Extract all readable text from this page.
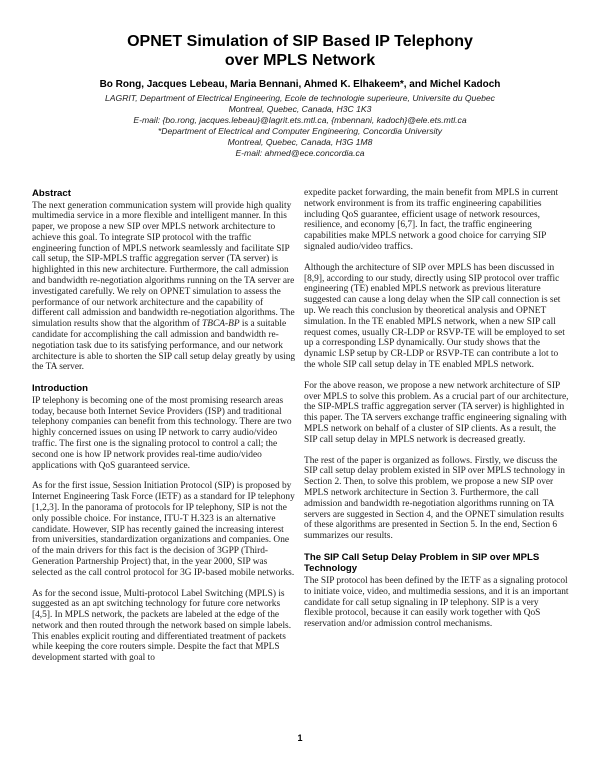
OPNET Simulation of SIP Based IP Telephony
over MPLS Network
Bo Rong, Jacques Lebeau, Maria Bennani, Ahmed K. Elhakeem*, and Michel Kadoch
LAGRIT, Department of Electrical Engineering, Ecole de technologie superieure, Universite du Quebec
Montreal, Quebec, Canada, H3C 1K3
E-mail: {bo.rong, jacques.lebeau}@lagrit.ets.mtl.ca, {mbennani, kadoch}@ele.ets.mtl.ca
*Department of Electrical and Computer Engineering, Concordia University
Montreal, Quebec, Canada, H3G 1M8
E-mail: ahmed@ece.concordia.ca
Abstract

The next generation communication system will provide high quality multimedia service in a more flexible and intelligent manner. In this paper, we propose a new SIP over MPLS network architecture to achieve this goal. To integrate SIP protocol with the traffic engineering function of MPLS network seamlessly and facilitate SIP call setup, the SIP-MPLS traffic aggregation server (TA server) is highlighted in this new architecture. Furthermore, the call admission and bandwidth re-negotiation algorithms running on the TA server are investigated carefully. We rely on OPNET simulation to assess the performance of our network architecture and the capability of different call admission and bandwidth re-negotiation algorithms. The simulation results show that the algorithm of TBCA-BP is a suitable candidate for accomplishing the call admission and bandwidth re-negotiation task due to its satisfying performance, and our network architecture is able to shorten the SIP call setup delay greatly by using the TA server.

Introduction

IP telephony is becoming one of the most promising research areas today, because both Internet Sevice Providers (ISP) and traditional telephony companies can benefit from this technology. There are two highly concerned issues on using IP network to carry audio/video traffic. The first one is the signaling protocol to control a call; the second one is how IP network provides real-time audio/video applications with QoS guaranteed service.

As for the first issue, Session Initiation Protocol (SIP) is proposed by Internet Engineering Task Force (IETF) as a standard for IP telephony [1,2,3]. In the panorama of protocols for IP telephony, SIP is not the only possible choice. For instance, ITU-T H.323 is an alternative candidate. However, SIP has recently gained the increasing interest from universities, standardization organizations and companies. One of the main drivers for this fact is the decision of 3GPP (Third-Generation Partnership Project) that, in the year 2000, SIP was selected as the call control protocol for 3G IP-based mobile networks.

As for the second issue, Multi-protocol Label Switching (MPLS) is suggested as an apt switching technology for future core networks [4,5]. In MPLS network, the packets are labeled at the edge of the network and then routed through the network based on simple labels. This enables explicit routing and differentiated treatment of packets while keeping the core routers simple. Despite the fact that MPLS development started with goal to

expedite packet forwarding, the main benefit from MPLS in current network environment is from its traffic engineering capabilities including QoS guarantee, efficient usage of network resources, resilience, and economy [6,7]. In fact, the traffic engineering capabilities make MPLS network a good choice for carrying SIP signaled audio/video traffics.

Although the architecture of SIP over MPLS has been discussed in [8,9], according to our study, directly using SIP protocol over traffic engineering (TE) enabled MPLS network as previous literature suggested can cause a long delay when the SIP call connection is set up. We reach this conclusion by theoretical analysis and OPNET simulation. In the TE enabled MPLS network, when a new SIP call request comes, usually CR-LDP or RSVP-TE will be employed to set up a corresponding LSP dynamically. Our study shows that the dynamic LSP setup by CR-LDP or RSVP-TE can contribute a lot to the whole SIP call setup delay in TE enabled MPLS network.

For the above reason, we propose a new network architecture of SIP over MPLS to solve this problem. As a crucial part of our architecture, the SIP-MPLS traffic aggregation server (TA server) is highlighted in this paper. The TA servers exchange traffic engineering signaling with MPLS network on behalf of a cluster of SIP clients. As a result, the SIP call setup delay in MPLS network is decreased greatly.

The rest of the paper is organized as follows. Firstly, we discuss the SIP call setup delay problem existed in SIP over MPLS technology in Section 2. Then, to solve this problem, we propose a new SIP over MPLS network architecture in Section 3. Furthermore, the call admission and bandwidth re-negotiation algorithms running on TA servers are suggested in Section 4, and the OPNET simulation results of these algorithms are presented in Section 5. In the end, Section 6 summarizes our results.

The SIP Call Setup Delay Problem in SIP over MPLS Technology

The SIP protocol has been defined by the IETF as a signaling protocol to initiate voice, video, and multimedia sessions, and it is an important candidate for call setup signaling in IP telephony. SIP is a very flexible protocol, because it can easily work together with QoS reservation and/or admission control mechanisms.

1
